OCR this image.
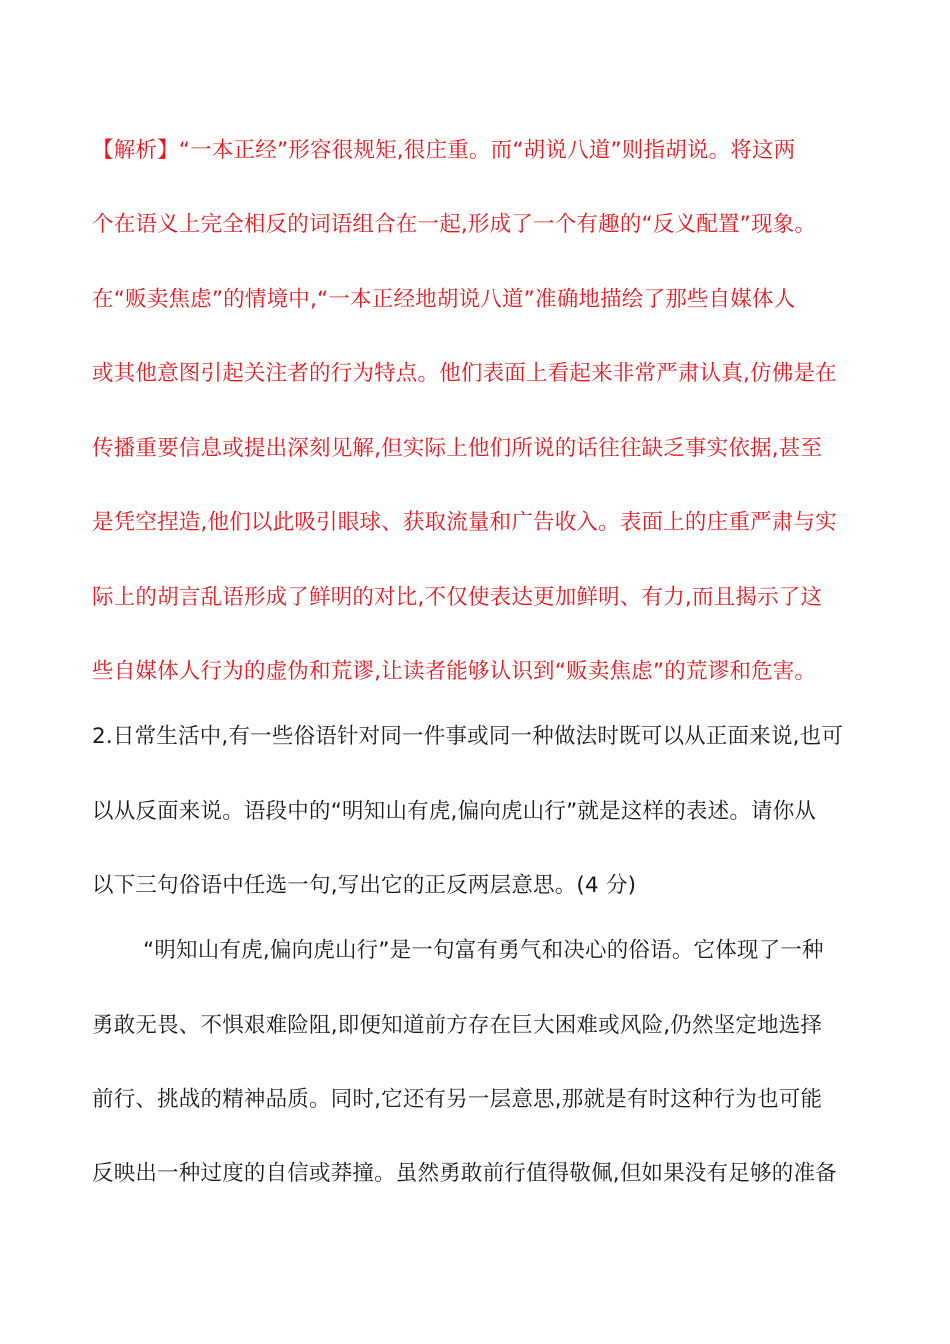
【解析】“一本正经”形容很规矩,很庄重。而“胡说八道”则指胡说。将这两
个在语义上完全相反的词语组合在一起,形成了一个有趣的“反义配置”现象。
在“贩卖焦虑”的情境中,“一本正经地胡说八道”准确地描绘了那些自媒体人
或其他意图引起关注者的行为特点。他们表面上看起来非常严肃认真,仿佛是在
传播重要信息或提出深刻见解,但实际上他们所说的话往往缺乏事实依据,甚至
是凭空捏造,他们以此吸引眼球、获取流量和广告收入。表面上的庄重严肃与实
际上的胡言乱语形成了鲜明的对比,不仅使表达更加鲜明、有力,而且揭示了这
些自媒体人行为的虚伪和荒谬,让读者能够认识到“贩卖焦虑”的荒谬和危害。
2.日常生活中,有一些俗语针对同一件事或同一种做法时既可以从正面来说,也可
以从反面来说。语段中的“明知山有虎,偏向虎山行”就是这样的表述。请你从
以下三句俗语中任选一句,写出它的正反两层意思。(4 分)
“明知山有虎,偏向虎山行”是一句富有勇气和决心的俗语。它体现了一种
勇敢无畏、不惧艰难险阻,即便知道前方存在巨大困难或风险,仍然坚定地选择
前行、挑战的精神品质。同时,它还有另一层意思,那就是有时这种行为也可能
反映出一种过度的自信或莽撞。虽然勇敢前行值得敬佩,但如果没有足够的准备
